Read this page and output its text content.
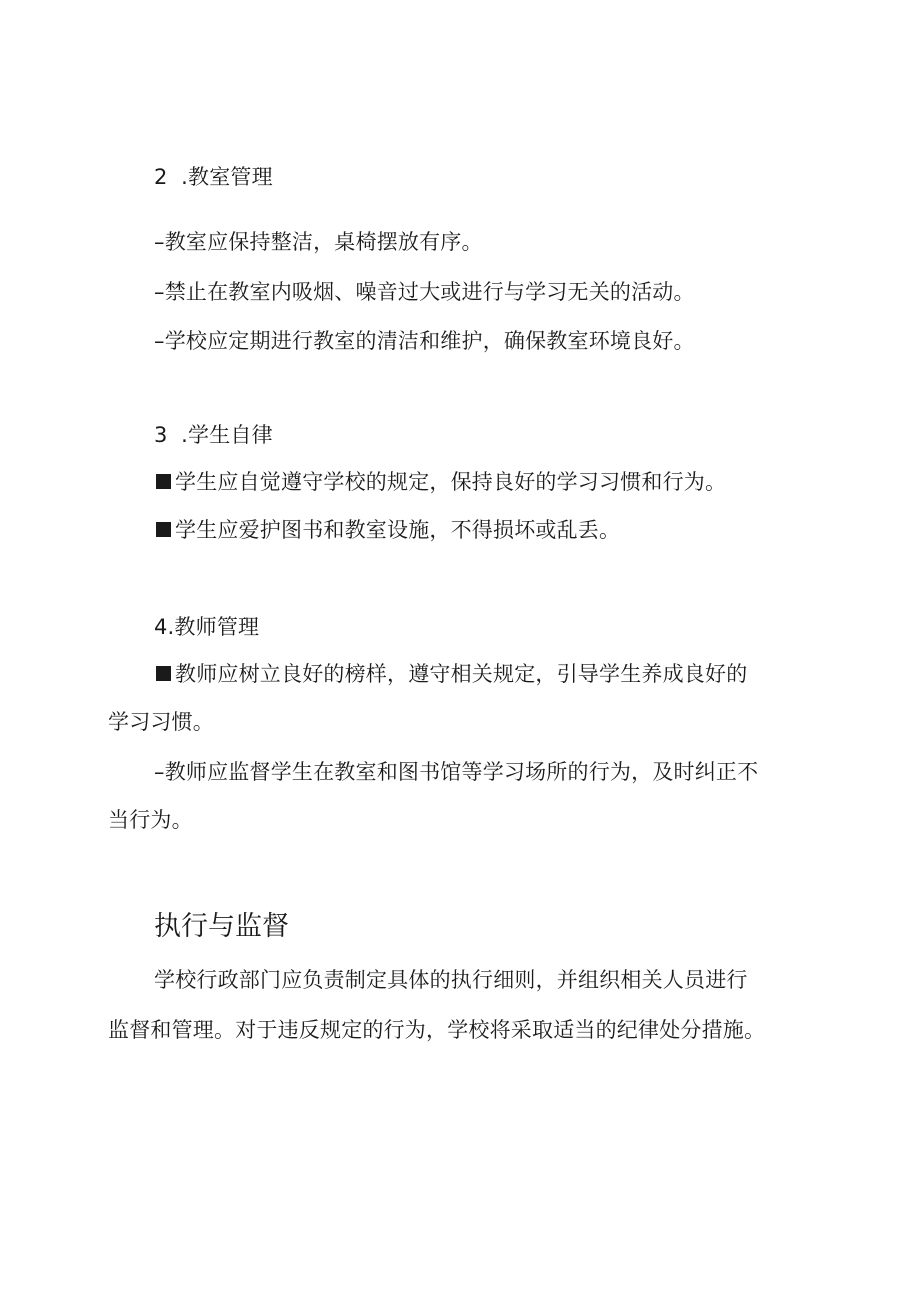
2 .教室管理
–教室应保持整洁，桌椅摆放有序。
–禁止在教室内吸烟、噪音过大或进行与学习无关的活动。
–学校应定期进行教室的清洁和维护，确保教室环境良好。
3 .学生自律
学生应自觉遵守学校的规定，保持良好的学习习惯和行为。
学生应爱护图书和教室设施，不得损坏或乱丢。
4.教师管理
教师应树立良好的榜样，遵守相关规定，引导学生养成良好的
学习习惯。
–教师应监督学生在教室和图书馆等学习场所的行为，及时纠正不
当行为。
执行与监督
学校行政部门应负责制定具体的执行细则，并组织相关人员进行
监督和管理。对于违反规定的行为，学校将采取适当的纪律处分措施。
